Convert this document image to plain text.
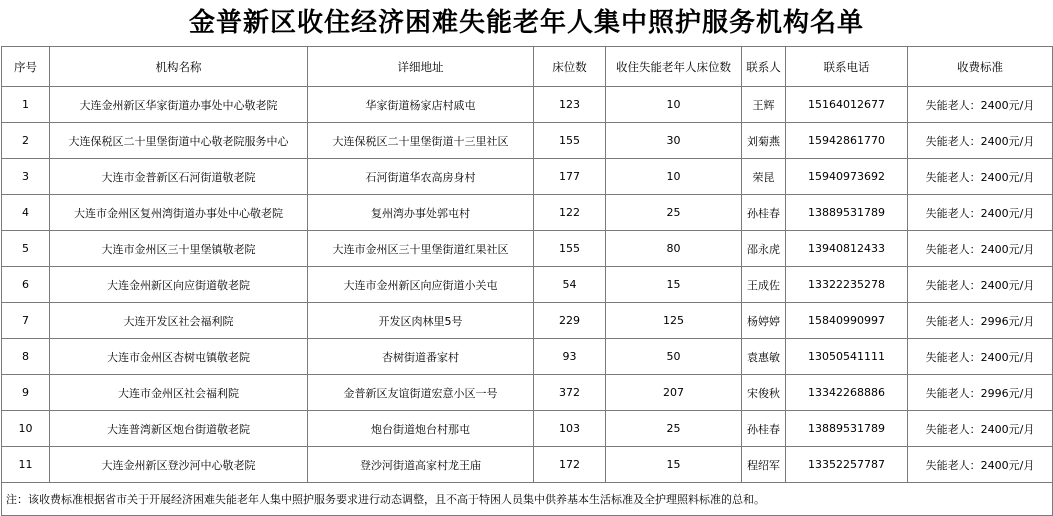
金普新区收住经济困难失能老年人集中照护服务机构名单
序号	机构名称	详细地址	床位数	收住失能老年人床位数	联系人	联系电话	收费标准
1	大连金州新区华家街道办事处中心敬老院	华家街道杨家店村戚屯	123	10	王辉	15164012677	失能老人：2400元/月
2	大连保税区二十里堡街道中心敬老院服务中心	大连保税区二十里堡街道十三里社区	155	30	刘菊燕	15942861770	失能老人：2400元/月
3	大连市金普新区石河街道敬老院	石河街道华农高房身村	177	10	荣昆	15940973692	失能老人：2400元/月
4	大连市金州区复州湾街道办事处中心敬老院	复州湾办事处郭屯村	122	25	孙桂春	13889531789	失能老人：2400元/月
5	大连市金州区三十里堡镇敬老院	大连市金州区三十里堡街道红果社区	155	80	邵永虎	13940812433	失能老人：2400元/月
6	大连金州新区向应街道敬老院	大连市金州新区向应街道小关屯	54	15	王成佐	13322235278	失能老人：2400元/月
7	大连开发区社会福利院	开发区肉林里5号	229	125	杨婷婷	15840990997	失能老人：2996元/月
8	大连市金州区杏树屯镇敬老院	杏树街道番家村	93	50	袁惠敏	13050541111	失能老人：2400元/月
9	大连市金州区社会福利院	金普新区友谊街道宏意小区一号	372	207	宋俊秋	13342268886	失能老人：2996元/月
10	大连普湾新区炮台街道敬老院	炮台街道炮台村那屯	103	25	孙桂春	13889531789	失能老人：2400元/月
11	大连金州新区登沙河中心敬老院	登沙河街道高家村龙王庙	172	15	程绍军	13352257787	失能老人：2400元/月
注：该收费标准根据省市关于开展经济困难失能老年人集中照护服务要求进行动态调整，且不高于特困人员集中供养基本生活标准及全护理照料标准的总和。							
